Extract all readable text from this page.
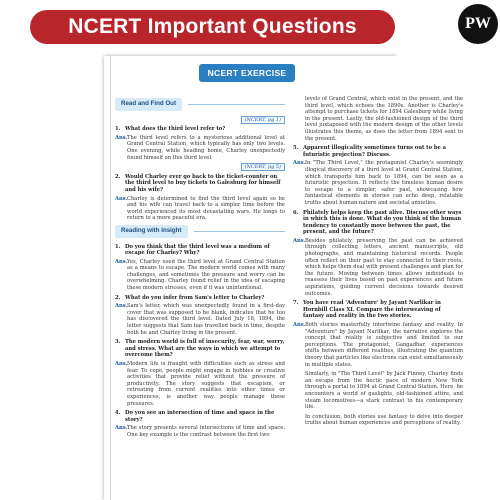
NCERT Important Questions	PW
NCERT EXERCISE
Read and Find Out
(NCERT, pg 1)
1. What does the third level refer to?
Ans. The third level refers to a mysterious additional level at Grand Central Station, which typically has only two levels. One evening, while heading home, Charley unexpectedly found himself on this third level.
(NCERT, pg 5)
2. Would Charley ever go back to the ticket-counter on the third level to buy tickets to Galesburg for himself and his wife?
Ans. Charley is determined to find the third level again so he and his wife can travel back to a simpler time before the world experienced its most devastating wars. He longs to return to a more peaceful era.
Reading with Insight
1. Do you think that the third level was a medium of escape for Charley? Why?
Ans. Yes, Charley used the third level at Grand Central Station as a means to escape. The modern world comes with many challenges, and sometimes the pressure and worry can be overwhelming. Charley found relief in the idea of escaping these modern stresses, even if it was unintentional.
2. What do you infer from Sam's letter to Charley?
Ans. Sam's letter, which was unexpectedly found in a first-day cover that was supposed to be blank, indicates that he too has discovered the third level. Dated July 18, 1894, the letter suggests that Sam has travelled back in time, despite both he and Charley living in the present.
3. The modern world is full of insecurity, fear, war, worry, and stress. What are the ways in which we attempt to overcome them?
Ans. Modern life is fraught with difficulties such as stress and fear. To cope, people might engage in hobbies or creative activities that provide relief without the pressure of productivity. The story suggests that escapism, or retreating from current realities into other times or experiences, is another way people manage these pressures.
4. Do you see an intersection of time and space in the story?
Ans. The story presents several intersections of time and space. One key example is the contrast between the first two
levels of Grand Central, which exist in the present, and the third level, which echoes the 1890s. Another is Charley's attempt to purchase tickets for 1894 Galesburg while living in the present. Lastly, the old-fashioned design of the third level juxtaposed with the modern design of the other levels illustrates this theme, as does the letter from 1894 sent to the present.
5. Apparent illogicality sometimes turns out to be a futuristic projection? Discuss.
Ans. In "The Third Level," the protagonist Charley's seemingly illogical discovery of a third level at Grand Central Station, which transports him back to 1894, can be seen as a futuristic projection. It reflects the timeless human desire to escape to a simpler, safer past, showcasing how fantastical elements in stories can echo deep, relatable truths about human nature and societal anxieties.
6. Philately helps keep the past alive. Discuss other ways in which this is done. What do you think of the human tendency to constantly move between the past, the present, and the future?
Ans. Besides philately, preserving the past can be achieved through collecting letters, ancient manuscripts, old photographs, and maintaining historical records. People often reflect on their past to stay connected to their roots, which helps them deal with present challenges and plan for the future. Moving between times allows individuals to reassess their lives based on past experiences and future aspirations, guiding current decisions towards desired outcomes.
7. You have read 'Adventure' by Jayant Narlikar in Hornbill Class XI. Compare the interweaving of fantasy and reality in the two stories.
Ans. Both stories masterfully intertwine fantasy and reality. In "Adventure" by Jayant Narlikar, the narrative explores the concept that reality is subjective and limited to our perceptions. The protagonist, Gangadhar, experiences shifts between different realities, illustrating the quantum theory that particles like electrons can exist simultaneously in multiple states.
Similarly, in "The Third Level" by Jack Finney, Charley finds an escape from the hectic pace of modern New York through a portal to 1894 at Grand Central Station. Here, he encounters a world of gaslights, old-fashioned attire, and steam locomotives—a stark contrast to his contemporary life.
In conclusion, both stories use fantasy to delve into deeper truths about human experiences and perceptions of reality.
